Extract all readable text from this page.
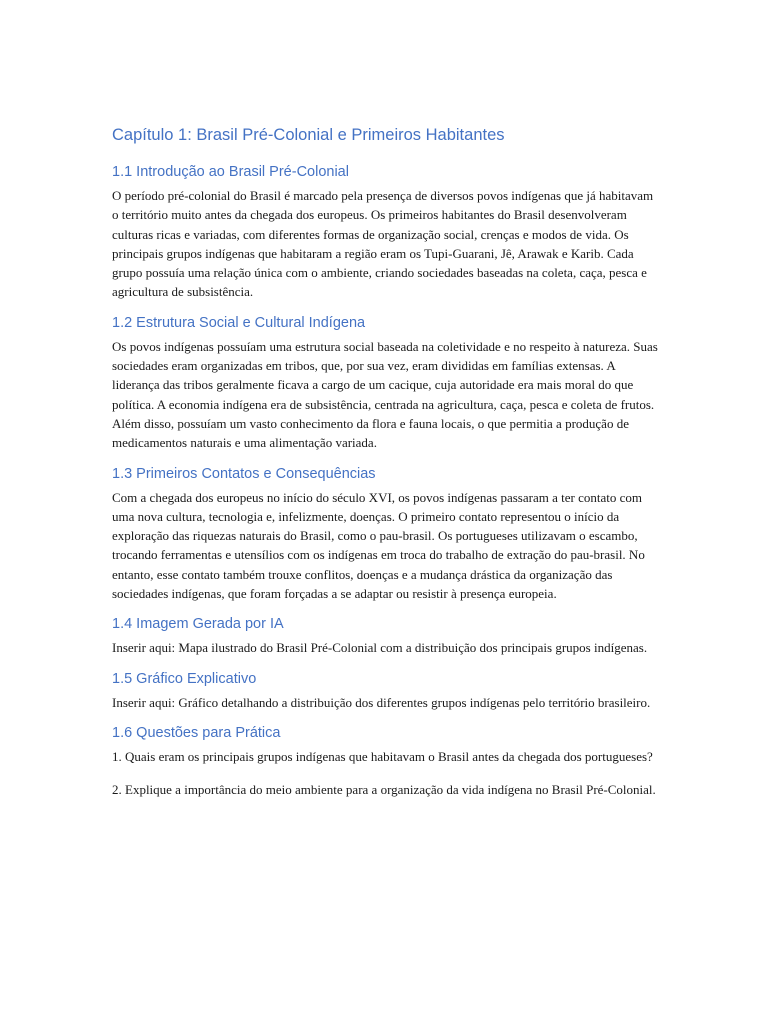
Capítulo 1: Brasil Pré-Colonial e Primeiros Habitantes
1.1 Introdução ao Brasil Pré-Colonial

O período pré-colonial do Brasil é marcado pela presença de diversos povos indígenas que já habitavam o território muito antes da chegada dos europeus. Os primeiros habitantes do Brasil desenvolveram culturas ricas e variadas, com diferentes formas de organização social, crenças e modos de vida. Os principais grupos indígenas que habitaram a região eram os Tupi-Guarani, Jê, Arawak e Karib. Cada grupo possuía uma relação única com o ambiente, criando sociedades baseadas na coleta, caça, pesca e agricultura de subsistência.

1.2 Estrutura Social e Cultural Indígena

Os povos indígenas possuíam uma estrutura social baseada na coletividade e no respeito à natureza. Suas sociedades eram organizadas em tribos, que, por sua vez, eram divididas em famílias extensas. A liderança das tribos geralmente ficava a cargo de um cacique, cuja autoridade era mais moral do que política. A economia indígena era de subsistência, centrada na agricultura, caça, pesca e coleta de frutos. Além disso, possuíam um vasto conhecimento da flora e fauna locais, o que permitia a produção de medicamentos naturais e uma alimentação variada.

1.3 Primeiros Contatos e Consequências

Com a chegada dos europeus no início do século XVI, os povos indígenas passaram a ter contato com uma nova cultura, tecnologia e, infelizmente, doenças. O primeiro contato representou o início da exploração das riquezas naturais do Brasil, como o pau-brasil. Os portugueses utilizavam o escambo, trocando ferramentas e utensílios com os indígenas em troca do trabalho de extração do pau-brasil. No entanto, esse contato também trouxe conflitos, doenças e a mudança drástica da organização das sociedades indígenas, que foram forçadas a se adaptar ou resistir à presença europeia.

1.4 Imagem Gerada por IA

Inserir aqui: Mapa ilustrado do Brasil Pré-Colonial com a distribuição dos principais grupos indígenas.

1.5 Gráfico Explicativo

Inserir aqui: Gráfico detalhando a distribuição dos diferentes grupos indígenas pelo território brasileiro.

1.6 Questões para Prática

1. Quais eram os principais grupos indígenas que habitavam o Brasil antes da chegada dos portugueses?

2. Explique a importância do meio ambiente para a organização da vida indígena no Brasil Pré-Colonial.
